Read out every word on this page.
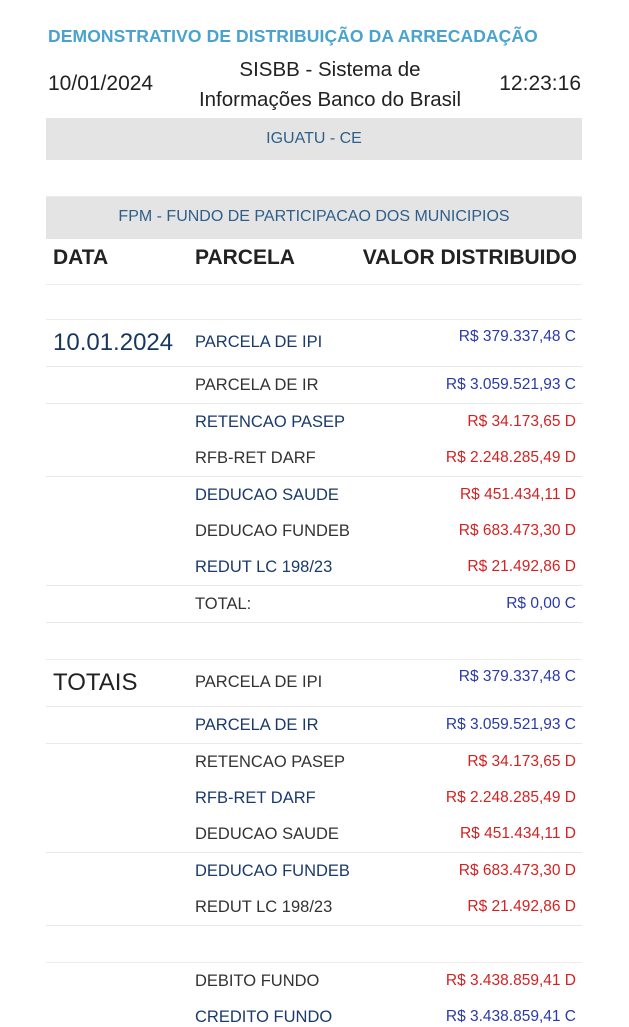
DEMONSTRATIVO DE DISTRIBUIÇÃO DA ARRECADAÇÃO
10/01/2024
SISBB - Sistema de
Informações Banco do Brasil
12:23:16
IGUATU - CE
FPM - FUNDO DE PARTICIPACAO DOS MUNICIPIOS
DATA	PARCELA	VALOR DISTRIBUIDO
10.01.2024 PARCELA DE IPI	R$ 379.337,48 C
PARCELA DE IR	R$ 3.059.521,93 C
RETENCAO PASEP	R$ 34.173,65 D
RFB-RET DARF	R$ 2.248.285,49 D
DEDUCAO SAUDE	R$ 451.434,11 D
DEDUCAO FUNDEB	R$ 683.473,30 D
REDUT LC 198/23	R$ 21.492,86 D
TOTAL:	R$ 0,00 C
TOTAIS	PARCELA DE IPI	R$ 379.337,48 C
PARCELA DE IR	R$ 3.059.521,93 C
RETENCAO PASEP	R$ 34.173,65 D
RFB-RET DARF	R$ 2.248.285,49 D
DEDUCAO SAUDE	R$ 451.434,11 D
DEDUCAO FUNDEB	R$ 683.473,30 D
REDUT LC 198/23	R$ 21.492,86 D
DEBITO FUNDO	R$ 3.438.859,41 D
CREDITO FUNDO	R$ 3.438.859,41 C
